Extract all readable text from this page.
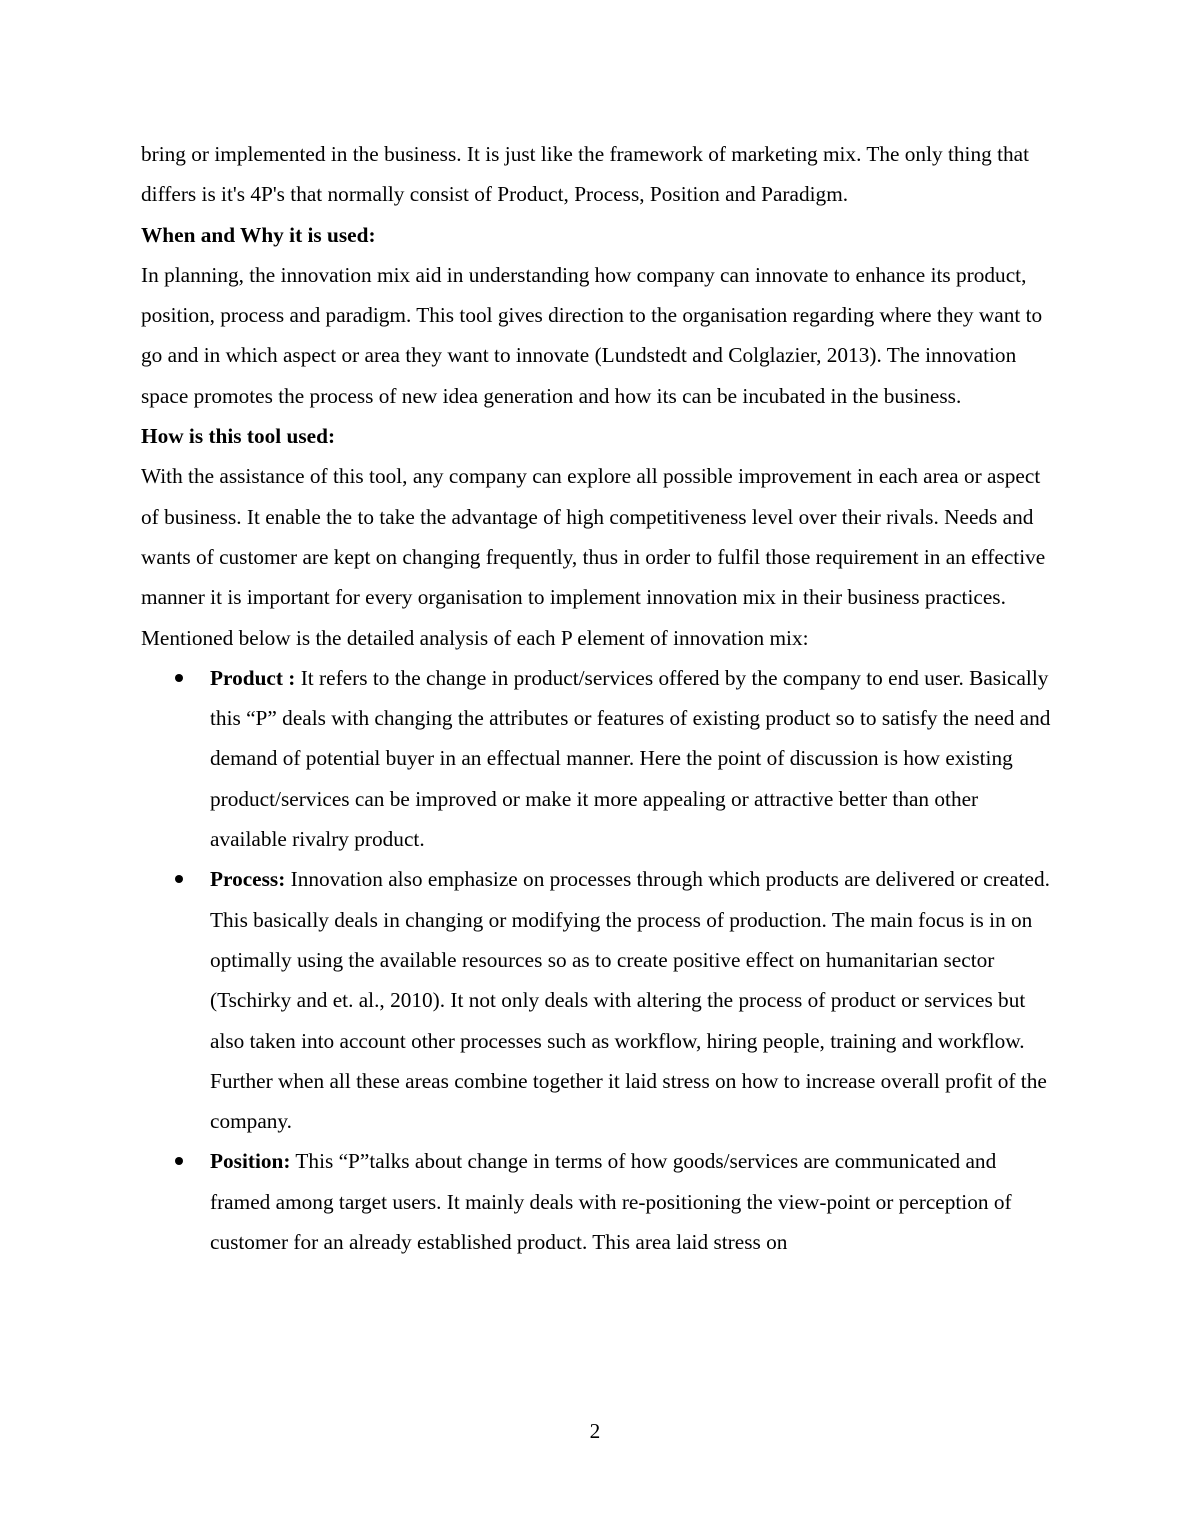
bring or implemented in the business. It is just like the framework of marketing mix. The only thing that differs is it's 4P's that normally consist of Product, Process, Position and Paradigm.

When and Why it is used:

In planning, the innovation mix aid in understanding how company can innovate to enhance its product, position, process and paradigm. This tool gives direction to the organisation regarding where they want to go and in which aspect or area they want to innovate (Lundstedt and Colglazier, 2013). The innovation space promotes the process of new idea generation and how its can be incubated in the business.

How is this tool used:

With the assistance of this tool, any company can explore all possible improvement in each area or aspect of business. It enable the to take the advantage of high competitiveness level over their rivals. Needs and wants of customer are kept on changing frequently, thus in order to fulfil those requirement in an effective manner it is important for every organisation to implement innovation mix in their business practices.

Mentioned below is the detailed analysis of each P element of innovation mix:

Product : It refers to the change in product/services offered by the company to end user. Basically this “P” deals with changing the attributes or features of existing product so to satisfy the need and demand of potential buyer in an effectual manner. Here the point of discussion is how existing product/services can be improved or make it more appealing or attractive better than other available rivalry product.
Process: Innovation also emphasize on processes through which products are delivered or created. This basically deals in changing or modifying the process of production. The main focus is in on optimally using the available resources so as to create positive effect on humanitarian sector (Tschirky and et. al., 2010). It not only deals with altering the process of product or services but also taken into account other processes such as workflow, hiring people, training and workflow. Further when all these areas combine together it laid stress on how to increase overall profit of the company.
Position: This “P”talks about change in terms of how goods/services are communicated and framed among target users. It mainly deals with re-positioning the view-point or perception of customer for an already established product. This area laid stress on
2
